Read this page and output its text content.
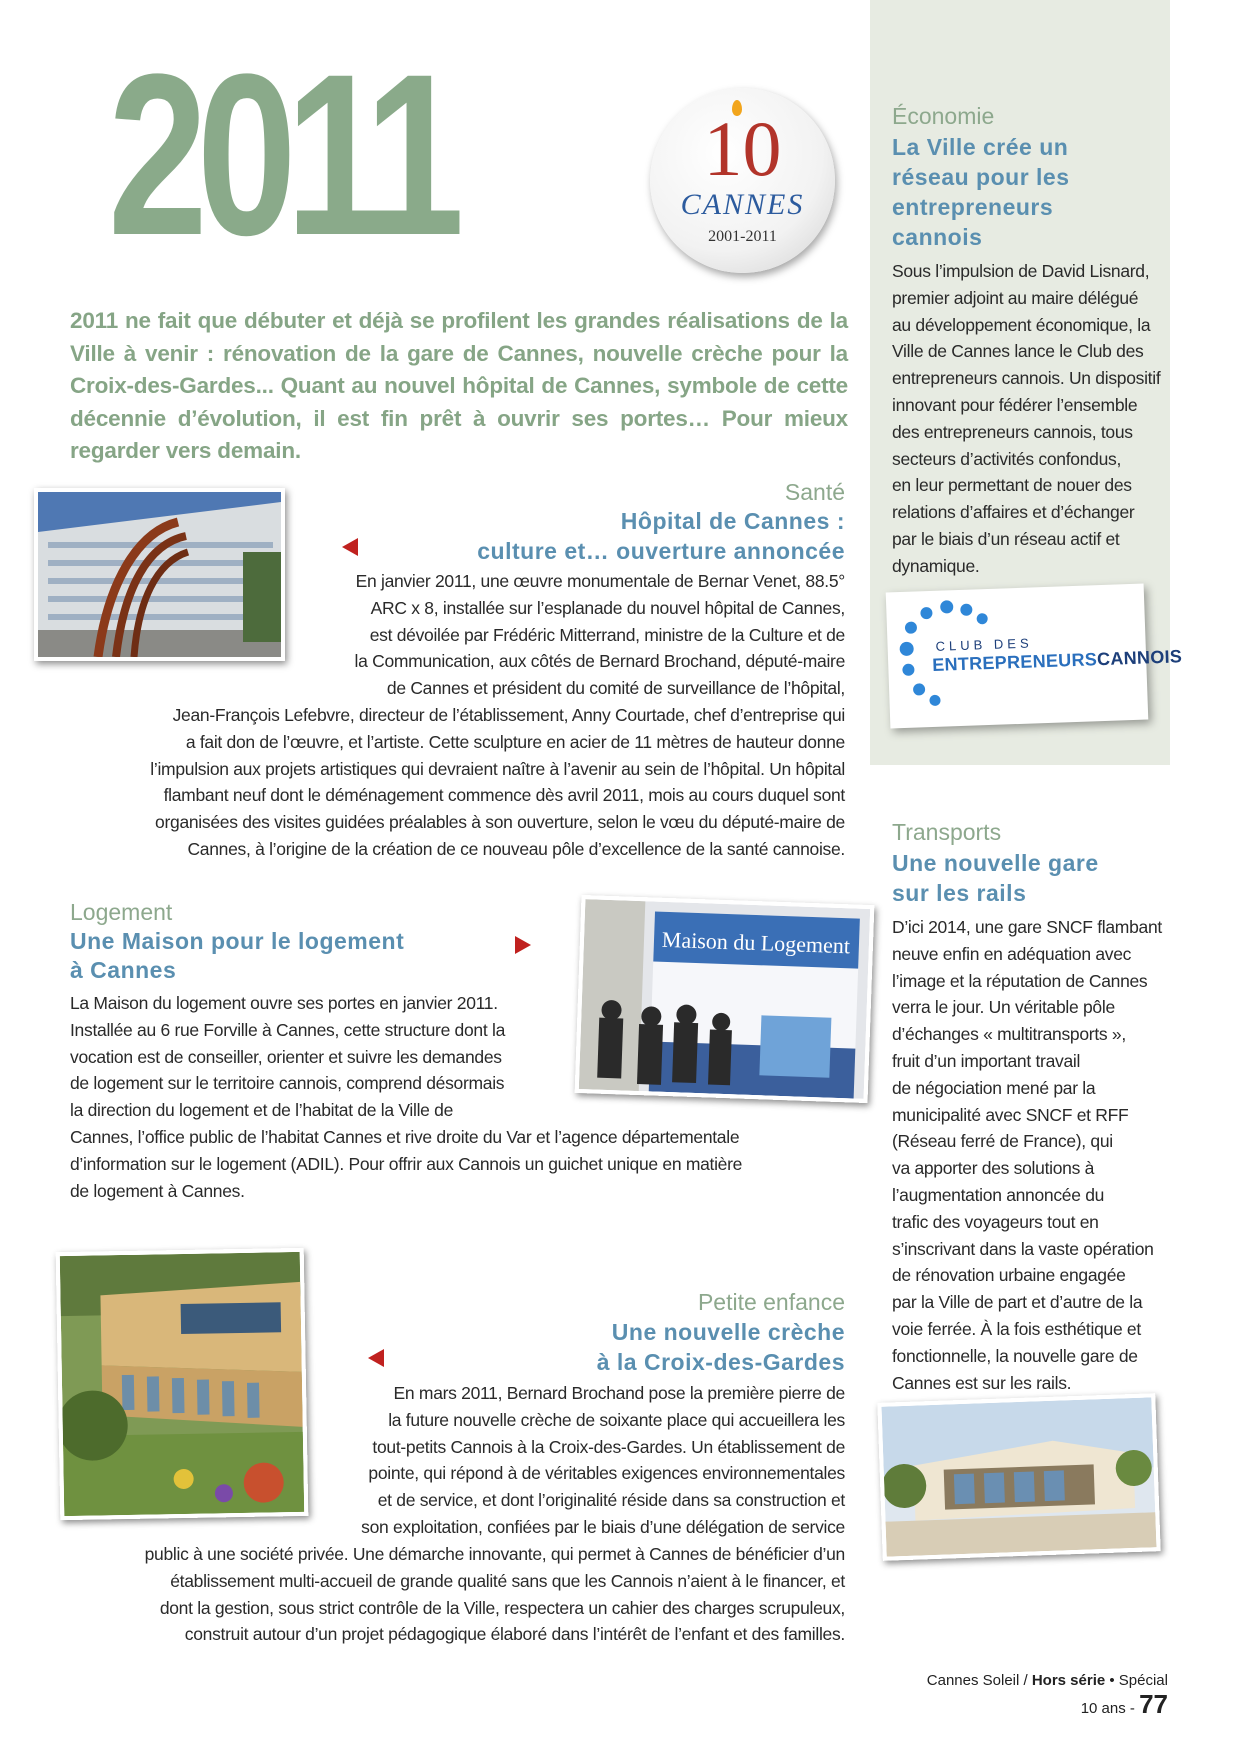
2011	10
CANNES
2001-2011
2011 ne fait que débuter et déjà se profilent les grandes réalisations de la Ville à venir : rénovation de la gare de Cannes, nouvelle crèche pour la Croix-des-Gardes... Quant au nouvel hôpital de Cannes, symbole de cette décennie d’évolution, il est fin prêt à ouvrir ses portes… Pour mieux regarder vers demain.
Santé
Hôpital de Cannes :
culture et… ouverture annoncée
En janvier 2011, une œuvre monumentale de Bernar Venet, 88.5°
ARC x 8, installée sur l’esplanade du nouvel hôpital de Cannes,
est dévoilée par Frédéric Mitterrand, ministre de la Culture et de
la Communication, aux côtés de Bernard Brochand, député-maire
de Cannes et président du comité de surveillance de l’hôpital,
Jean-François Lefebvre, directeur de l’établissement, Anny Courtade, chef d’entreprise qui
a fait don de l’œuvre, et l’artiste. Cette sculpture en acier de 11 mètres de hauteur donne
l’impulsion aux projets artistiques qui devraient naître à l’avenir au sein de l’hôpital. Un hôpital
flambant neuf dont le déménagement commence dès avril 2011, mois au cours duquel sont
organisées des visites guidées préalables à son ouverture, selon le vœu du député-maire de
Cannes, à l’origine de la création de ce nouveau pôle d’excellence de la santé cannoise.
Logement
Une Maison pour le logement
à Cannes
Maison du Logement
La Maison du logement ouvre ses portes en janvier 2011.
Installée au 6 rue Forville à Cannes, cette structure dont la
vocation est de conseiller, orienter et suivre les demandes
de logement sur le territoire cannois, comprend désormais
la direction du logement et de l’habitat de la Ville de
Cannes, l’office public de l’habitat Cannes et rive droite du Var et l’agence départementale
d’information sur le logement (ADIL). Pour offrir aux Cannois un guichet unique en matière
de logement à Cannes.
Petite enfance
Une nouvelle crèche
à la Croix-des-Gardes
En mars 2011, Bernard Brochand pose la première pierre de
la future nouvelle crèche de soixante place qui accueillera les
tout-petits Cannois à la Croix-des-Gardes. Un établissement de
pointe, qui répond à de véritables exigences environnementales
et de service, et dont l’originalité réside dans sa construction et
son exploitation, confiées par le biais d’une délégation de service
public à une société privée. Une démarche innovante, qui permet à Cannes de bénéficier d’un
établissement multi-accueil de grande qualité sans que les Cannois n’aient à le financer, et
dont la gestion, sous strict contrôle de la Ville, respectera un cahier des charges scrupuleux,
construit autour d’un projet pédagogique élaboré dans l’intérêt de l’enfant et des familles.
Économie
La Ville crée un
réseau pour les
entrepreneurs
cannois
Sous l’impulsion de David Lisnard,
premier adjoint au maire délégué
au développement économique, la
Ville de Cannes lance le Club des
entrepreneurs cannois. Un dispositif
innovant pour fédérer l’ensemble
des entrepreneurs cannois, tous
secteurs d’activités confondus,
en leur permettant de nouer des
relations d’affaires et d’échanger
par le biais d’un réseau actif et
dynamique.
CLUB DES
ENTREPRENEURSCANNOIS
Transports
Une nouvelle gare
sur les rails
D’ici 2014, une gare SNCF flambant
neuve enfin en adéquation avec
l’image et la réputation de Cannes
verra le jour. Un véritable pôle
d’échanges « multitransports »,
fruit d’un important travail
de négociation mené par la
municipalité avec SNCF et RFF
(Réseau ferré de France), qui
va apporter des solutions à
l’augmentation annoncée du
trafic des voyageurs tout en
s’inscrivant dans la vaste opération
de rénovation urbaine engagée
par la Ville de part et d’autre de la
voie ferrée. À la fois esthétique et
fonctionnelle, la nouvelle gare de
Cannes est sur les rails.
Cannes Soleil / Hors série • Spécial 10 ans - 77
